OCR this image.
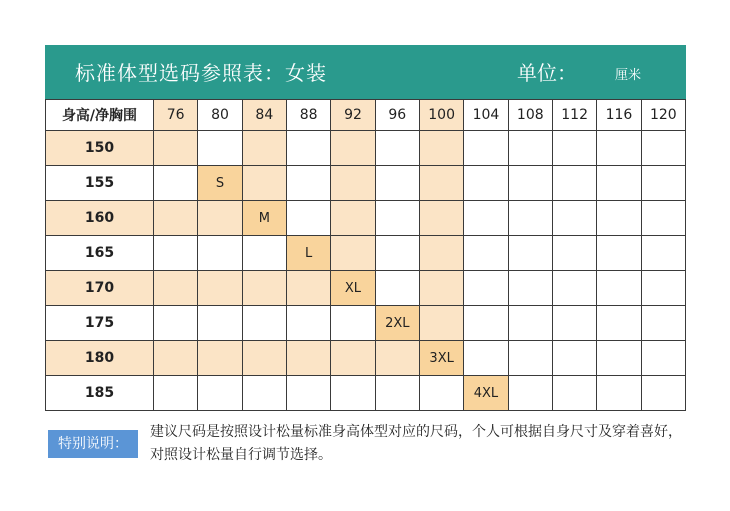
标准体型选码参照表：女装	单位：	厘米
身高/净胸围	76	80	84	88	92	96	100	104	108	112	116	120
150												
155		S										
160			M									
165				L								
170					XL							
175						2XL						
180							3XL					
185								4XL				
特别说明：
建议尺码是按照设计松量标准身高体型对应的尺码，个人可根据自身尺寸及穿着喜好，对照设计松量自行调节选择。
